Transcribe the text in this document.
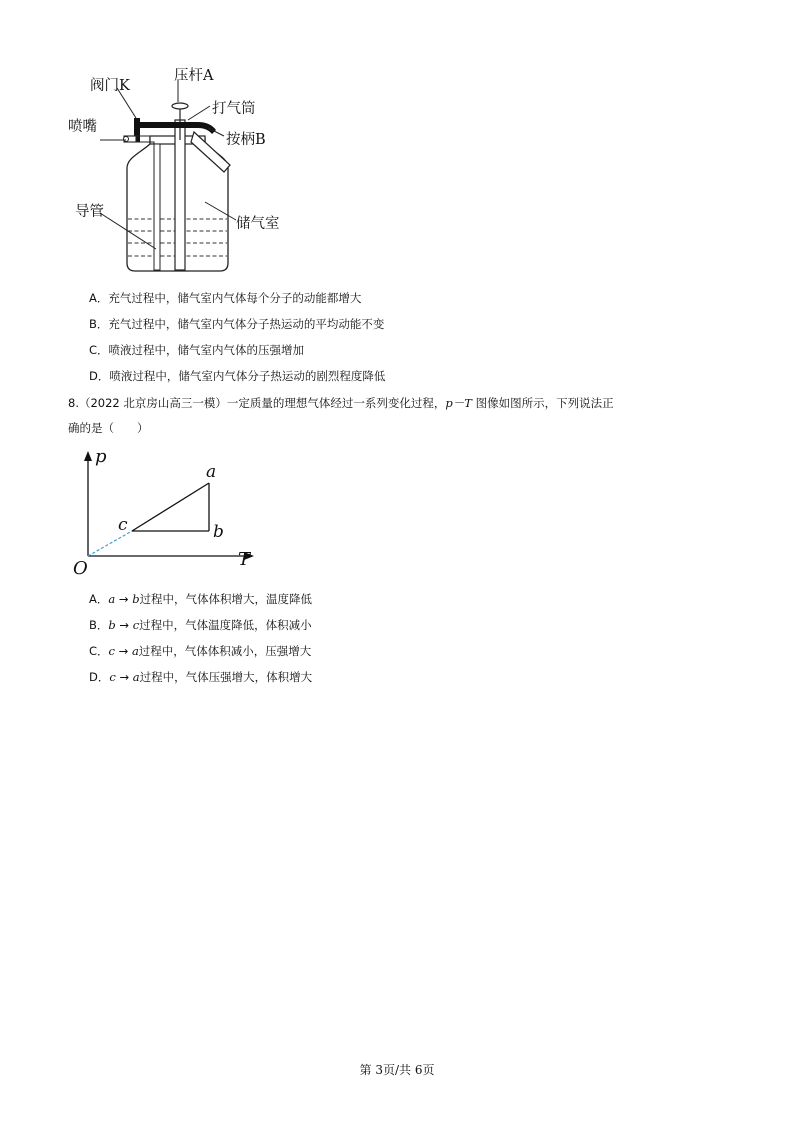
阀门K
压杆A
打气筒
喷嘴
按柄B
导管
储气室
A．充气过程中，储气室内气体每个分子的动能都增大
B．充气过程中，储气室内气体分子热运动的平均动能不变
C．喷液过程中，储气室内气体的压强增加
D．喷液过程中，储气室内气体分子热运动的剧烈程度降低
8.（2022 北京房山高三一模）一定质量的理想气体经过一系列变化过程，p－T 图像如图所示，下列说法正
确的是（　　）
p
T
O
a
b
c
A．a → b过程中，气体体积增大，温度降低
B．b → c过程中，气体温度降低，体积减小
C．c → a过程中，气体体积减小，压强增大
D．c → a过程中，气体压强增大，体积增大
第 3页/共 6页
